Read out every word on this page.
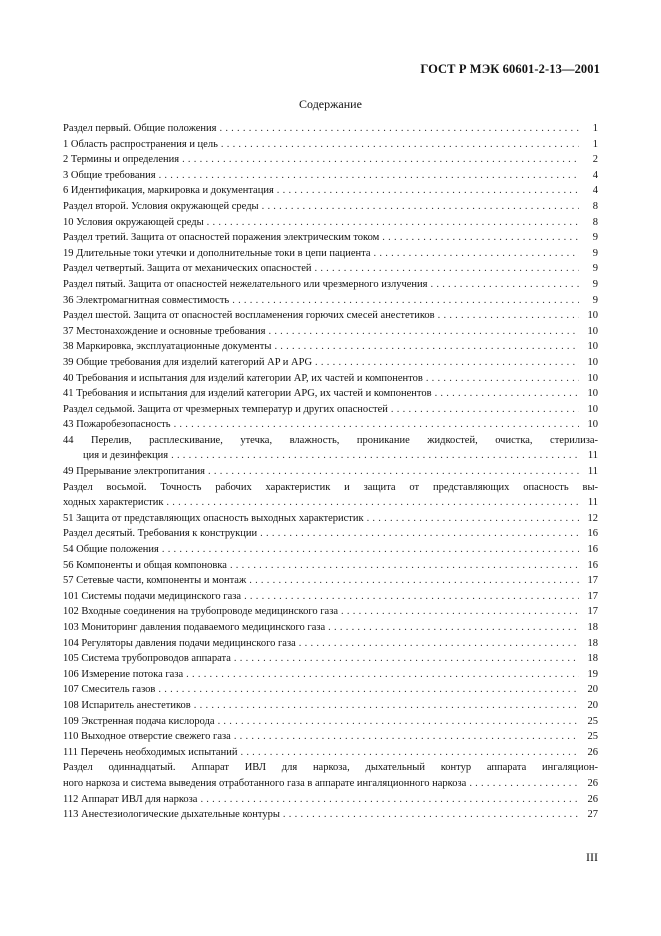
ГОСТ Р МЭК 60601-2-13—2001
Содержание
Раздел первый. Общие положения . . .	1
1 Область распространения и цель . . .	1
2 Термины и определения . . .	2
3 Общие требования . . .	4
6 Идентификация, маркировка и документация . . .	4
Раздел второй. Условия окружающей среды . . .	8
10 Условия окружающей среды . . .	8
Раздел третий. Защита от опасностей поражения электрическим током . . .	9
19 Длительные токи утечки и дополнительные токи в цепи пациента . . .	9
Раздел четвертый. Защита от механических опасностей . . .	9
Раздел пятый. Защита от опасностей нежелательного или чрезмерного излучения . . .	9
36 Электромагнитная совместимость . . .	9
Раздел шестой. Защита от опасностей воспламенения горючих смесей анестетиков . . .	10
37 Местонахождение и основные требования . . .	10
38 Маркировка, эксплуатационные документы . . .	10
39 Общие требования для изделий категорий AP и APG . . .	10
40 Требования и испытания для изделий категории AP, их частей и компонентов . . .	10
41 Требования и испытания для изделий категории APG, их частей и компонентов . . .	10
Раздел седьмой. Защита от чрезмерных температур и других опасностей . . .	10
43 Пожаробезопасность . . .	10
44 Перелив, расплескивание, утечка, влажность, проникание жидкостей, очистка, стерилиза-
ция и дезинфекция . . .	11
49 Прерывание электропитания . . .	11
Раздел восьмой. Точность рабочих характеристик и защита от представляющих опасность вы-
ходных характеристик . . .	11
51 Защита от представляющих опасность выходных характеристик . . .	12
Раздел десятый. Требования к конструкции . . .	16
54 Общие положения . . .	16
56 Компоненты и общая компоновка . . .	16
57 Сетевые части, компоненты и монтаж . . .	17
101 Системы подачи медицинского газа . . .	17
102 Входные соединения на трубопроводе медицинского газа . . .	17
103 Мониторинг давления подаваемого медицинского газа . . .	18
104 Регуляторы давления подачи медицинского газа . . .	18
105 Система трубопроводов аппарата . . .	18
106 Измерение потока газа . . .	19
107 Смеситель газов . . .	20
108 Испаритель анестетиков . . .	20
109 Экстренная подача кислорода . . .	25
110 Выходное отверстие свежего газа . . .	25
111 Перечень необходимых испытаний . . .	26
Раздел одиннадцатый. Аппарат ИВЛ для наркоза, дыхательный контур аппарата ингаляцион-
ного наркоза и система выведения отработанного газа в аппарате ингаляционного наркоза . . .	26
112 Аппарат ИВЛ для наркоза . . .	26
113 Анестезиологические дыхательные контуры . . .	27
III
